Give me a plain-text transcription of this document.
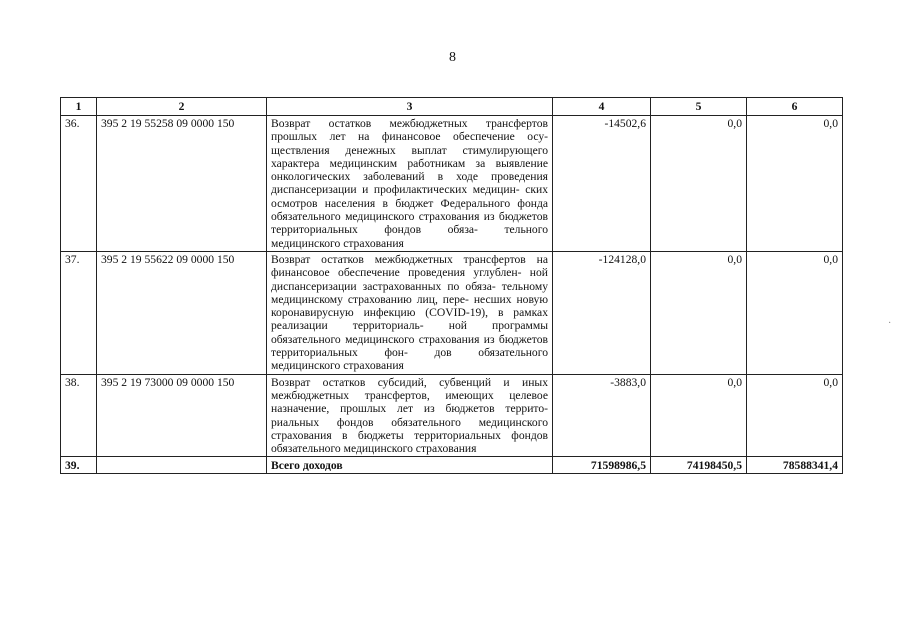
8
1	2	3	4	5	6
36.	395 2 19 55258 09 0000 150	Возврат остатков межбюджетных трансфертов прошлых лет на финансовое обеспечение осу- ществления денежных выплат стимулирующего характера медицинским работникам за выявление онкологических заболеваний в ходе проведения диспансеризации и профилактических медицин- ских осмотров населения в бюджет Федерального фонда обязательного медицинского страхования из бюджетов территориальных фондов обяза- тельного медицинского страхования	-14502,6	0,0	0,0
37.	395 2 19 55622 09 0000 150	Возврат остатков межбюджетных трансфертов на финансовое обеспечение проведения углублен- ной диспансеризации застрахованных по обяза- тельному медицинскому страхованию лиц, пере- несших новую коронавирусную инфекцию (COVID-19), в рамках реализации территориаль- ной программы обязательного медицинского страхования из бюджетов территориальных фон- дов обязательного медицинского страхования	-124128,0	0,0	0,0
38.	395 2 19 73000 09 0000 150	Возврат остатков субсидий, субвенций и иных межбюджетных трансфертов, имеющих целевое назначение, прошлых лет из бюджетов террито- риальных фондов обязательного медицинского страхования в бюджеты территориальных фондов обязательного медицинского страхования	-3883,0	0,0	0,0
39.		Всего доходов	71598986,5	74198450,5	78588341,4
·
